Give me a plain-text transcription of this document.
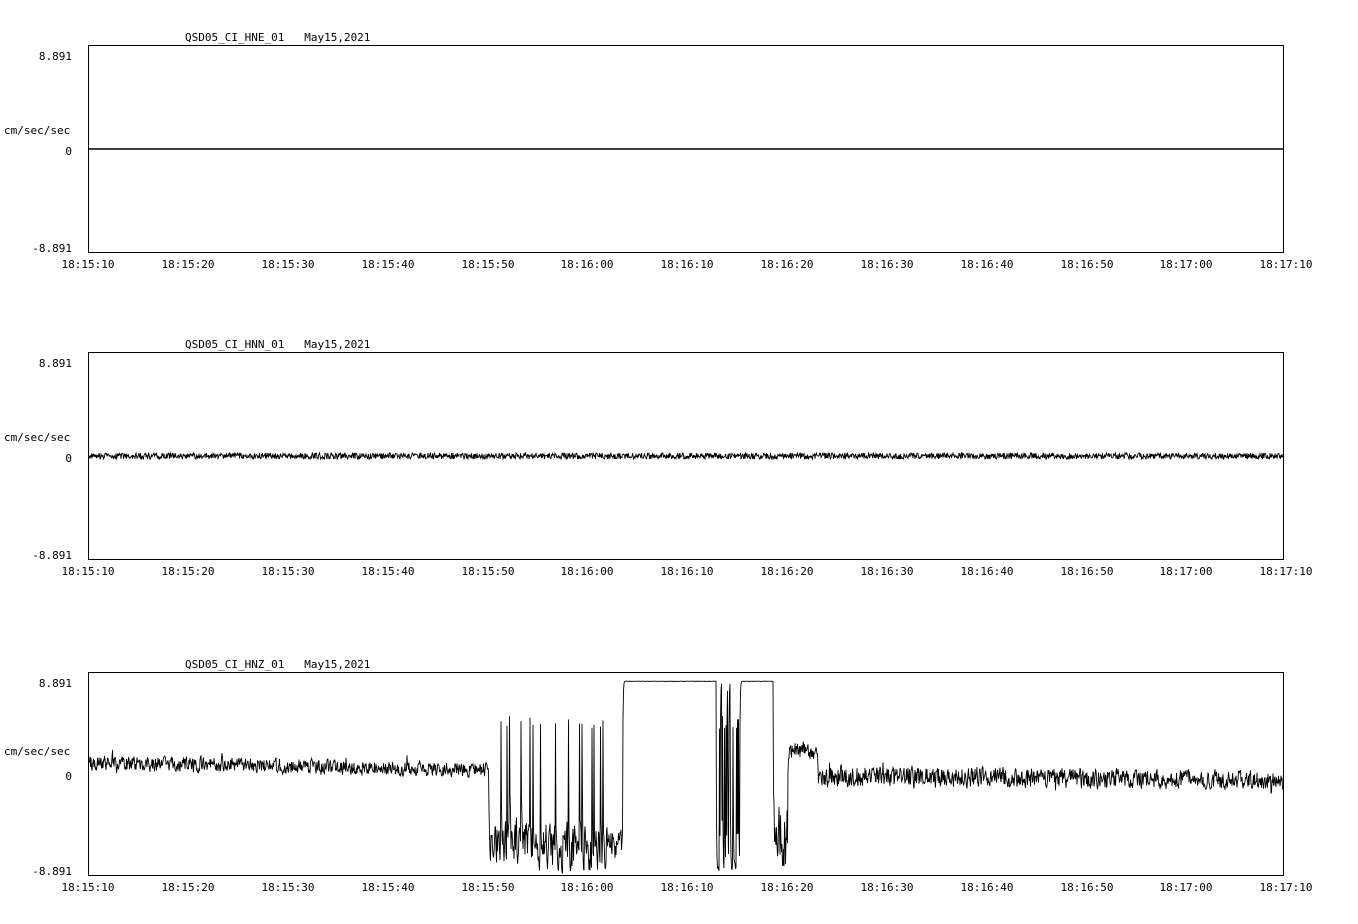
QSD05_CI_HNE_01   May15,2021
cm/sec/sec
8.891
0
-8.891
18:15:10	18:15:20	18:15:30	18:15:40	18:15:50	18:16:00	18:16:10	18:16:20	18:16:30	18:16:40	18:16:50	18:17:00	18:17:10
QSD05_CI_HNN_01   May15,2021
cm/sec/sec
8.891
0
-8.891
18:15:10	18:15:20	18:15:30	18:15:40	18:15:50	18:16:00	18:16:10	18:16:20	18:16:30	18:16:40	18:16:50	18:17:00	18:17:10
QSD05_CI_HNZ_01   May15,2021
cm/sec/sec
8.891
0
-8.891
18:15:10	18:15:20	18:15:30	18:15:40	18:15:50	18:16:00	18:16:10	18:16:20	18:16:30	18:16:40	18:16:50	18:17:00	18:17:10
